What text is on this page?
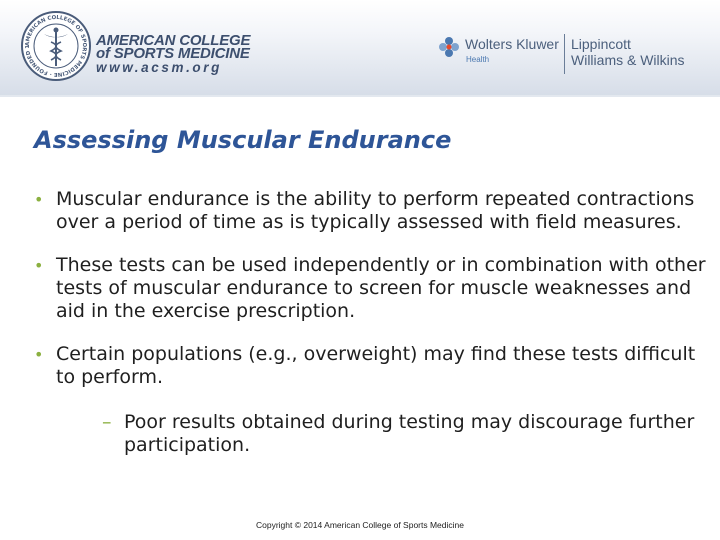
AMERICAN COLLEGE OF SPORTS MEDICINE · FOUNDED 1	AMERICAN COLLEGE
of SPORTS MEDICINE
www.acsm.org
Wolters Kluwer
Health
Lippincott
Williams & Wilkins
Assessing Muscular Endurance
• Muscular endurance is the ability to perform repeated contractions over a period of time as is typically assessed with field measures.
• These tests can be used independently or in combination with other tests of muscular endurance to screen for muscle weaknesses and aid in the exercise prescription.
• Certain populations (e.g., overweight) may find these tests difficult to perform.
– Poor results obtained during testing may discourage further participation.
Copyright © 2014 American College of Sports Medicine
